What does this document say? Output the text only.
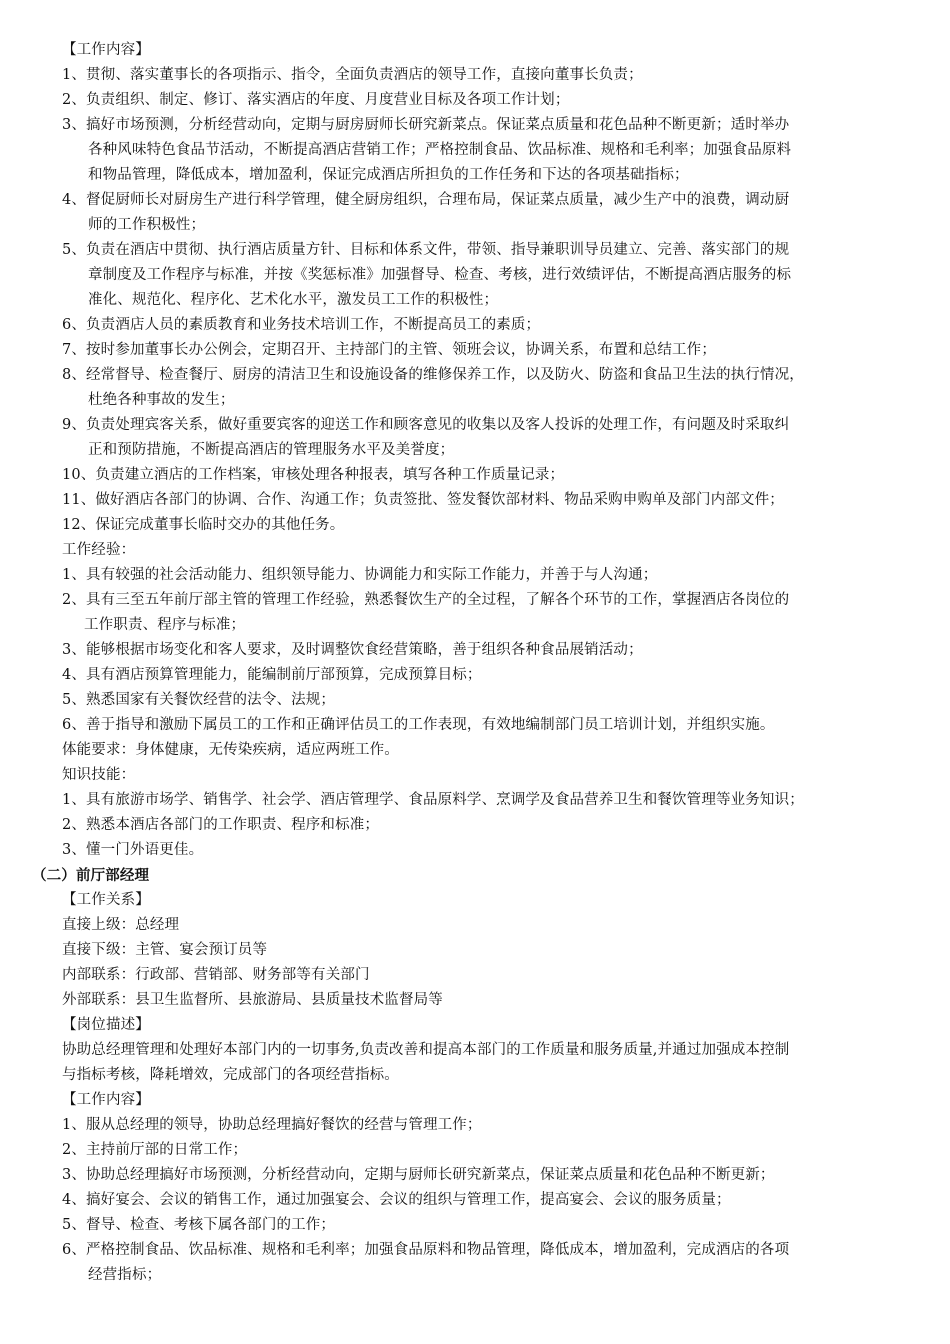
【工作内容】
1、贯彻、落实董事长的各项指示、指令，全面负责酒店的领导工作，直接向董事长负责；
2、负责组织、制定、修订、落实酒店的年度、月度营业目标及各项工作计划；
3、搞好市场预测，分析经营动向，定期与厨房厨师长研究新菜点。保证菜点质量和花色品种不断更新；适时举办
各种风味特色食品节活动，不断提高酒店营销工作；严格控制食品、饮品标准、规格和毛利率；加强食品原料
和物品管理，降低成本，增加盈利，保证完成酒店所担负的工作任务和下达的各项基础指标；
4、督促厨师长对厨房生产进行科学管理，健全厨房组织，合理布局，保证菜点质量，减少生产中的浪费，调动厨
师的工作积极性；
5、负责在酒店中贯彻、执行酒店质量方针、目标和体系文件，带领、指导兼职训导员建立、完善、落实部门的规
章制度及工作程序与标准，并按《奖惩标准》加强督导、检查、考核，进行效绩评估，不断提高酒店服务的标
准化、规范化、程序化、艺术化水平，激发员工工作的积极性；
6、负责酒店人员的素质教育和业务技术培训工作，不断提高员工的素质；
7、按时参加董事长办公例会，定期召开、主持部门的主管、领班会议，协调关系，布置和总结工作；
8、经常督导、检查餐厅、厨房的清洁卫生和设施设备的维修保养工作，以及防火、防盗和食品卫生法的执行情况，
杜绝各种事故的发生；
9、负责处理宾客关系，做好重要宾客的迎送工作和顾客意见的收集以及客人投诉的处理工作，有问题及时采取纠
正和预防措施，不断提高酒店的管理服务水平及美誉度；
10、负责建立酒店的工作档案，审核处理各种报表，填写各种工作质量记录；
11、做好酒店各部门的协调、合作、沟通工作；负责签批、签发餐饮部材料、物品采购申购单及部门内部文件；
12、保证完成董事长临时交办的其他任务。
工作经验：
1、具有较强的社会活动能力、组织领导能力、协调能力和实际工作能力，并善于与人沟通；
2、具有三至五年前厅部主管的管理工作经验，熟悉餐饮生产的全过程，了解各个环节的工作，掌握酒店各岗位的
工作职责、程序与标准；
3、能够根据市场变化和客人要求，及时调整饮食经营策略，善于组织各种食品展销活动；
4、具有酒店预算管理能力，能编制前厅部预算，完成预算目标；
5、熟悉国家有关餐饮经营的法令、法规；
6、善于指导和激励下属员工的工作和正确评估员工的工作表现，有效地编制部门员工培训计划，并组织实施。
体能要求：身体健康，无传染疾病，适应两班工作。
知识技能：
1、具有旅游市场学、销售学、社会学、酒店管理学、食品原料学、烹调学及食品营养卫生和餐饮管理等业务知识；
2、熟悉本酒店各部门的工作职责、程序和标准；
3、懂一门外语更佳。
（二）前厅部经理
【工作关系】
直接上级：总经理
直接下级：主管、宴会预订员等
内部联系：行政部、营销部、财务部等有关部门
外部联系：县卫生监督所、县旅游局、县质量技术监督局等
【岗位描述】
协助总经理管理和处理好本部门内的一切事务,负责改善和提高本部门的工作质量和服务质量,并通过加强成本控制
与指标考核，降耗增效，完成部门的各项经营指标。
【工作内容】
1、服从总经理的领导，协助总经理搞好餐饮的经营与管理工作；
2、主持前厅部的日常工作；
3、协助总经理搞好市场预测，分析经营动向，定期与厨师长研究新菜点，保证菜点质量和花色品种不断更新；
4、搞好宴会、会议的销售工作，通过加强宴会、会议的组织与管理工作，提高宴会、会议的服务质量；
5、督导、检查、考核下属各部门的工作；
6、严格控制食品、饮品标准、规格和毛利率；加强食品原料和物品管理，降低成本，增加盈利，完成酒店的各项
经营指标；
